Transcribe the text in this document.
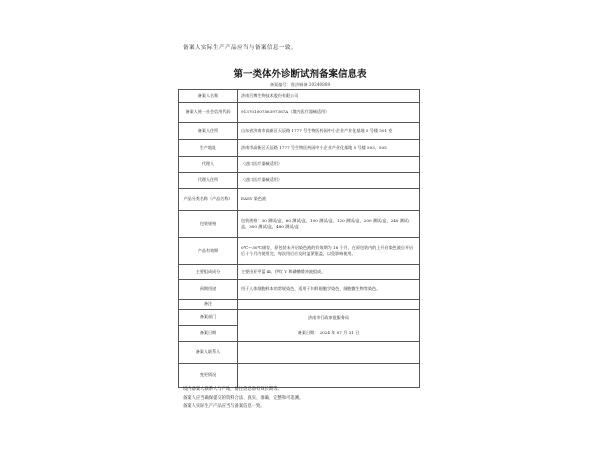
备案人实际生产产品应当与备案信息一致。
第一类体外诊断试剂备案信息表
备案编号：鲁济械备 20240889
备案人名称	济南百博生物技术股份有限公司
备案人统一社会信用代码	91370100756397387A（境内医疗器械适用）
备案人住所	山东省济南市高新区天辰路 1777 号生物医药园中小企业产业化基地 5 号楼 501 室
生产地址	济南市高新区天辰路 1777 号生物医药园中小企业产业化基地 5 号楼 503、505
代理人	（进口医疗器械适用）
代理人住所	（进口医疗器械适用）
产品分类名称（产品名称）	EASY 染色液
包装规格	包装规格：30 测试/盒，60 测试/盒，100 测试/盒，120 测试/盒，200 测试/盒，240 测试/盒，300 测试/盒，480 测试/盒
产品有效期	0℃～30℃储存，原包装未开启染色液的有效期为 18 个月，在原包装内的上开启染色液自开启后十个月内使用完，每次用后应及时盖紧瓶盖，以免影响使用。
主要组成成分	主要由亚甲蓝 Ⅲ、伊红 Y 和磷酸缓冲液组成。
预期用途	用于人体细胞样本的常规染色，适用于妇科细胞学染色、细胞微生物等染色。
备注	
备案部门	济南市行政审批服务局
备案日期	备案日期： 2024 年 07 月 31 日
备案人联系人	
变更情况	
境内备案人联系人与产地，备注信息备有效长期等。
备案人应当确保提交的资料合法、真实、准确、完整和可追溯。
备案人实际生产产品应当与备案信息一致。
